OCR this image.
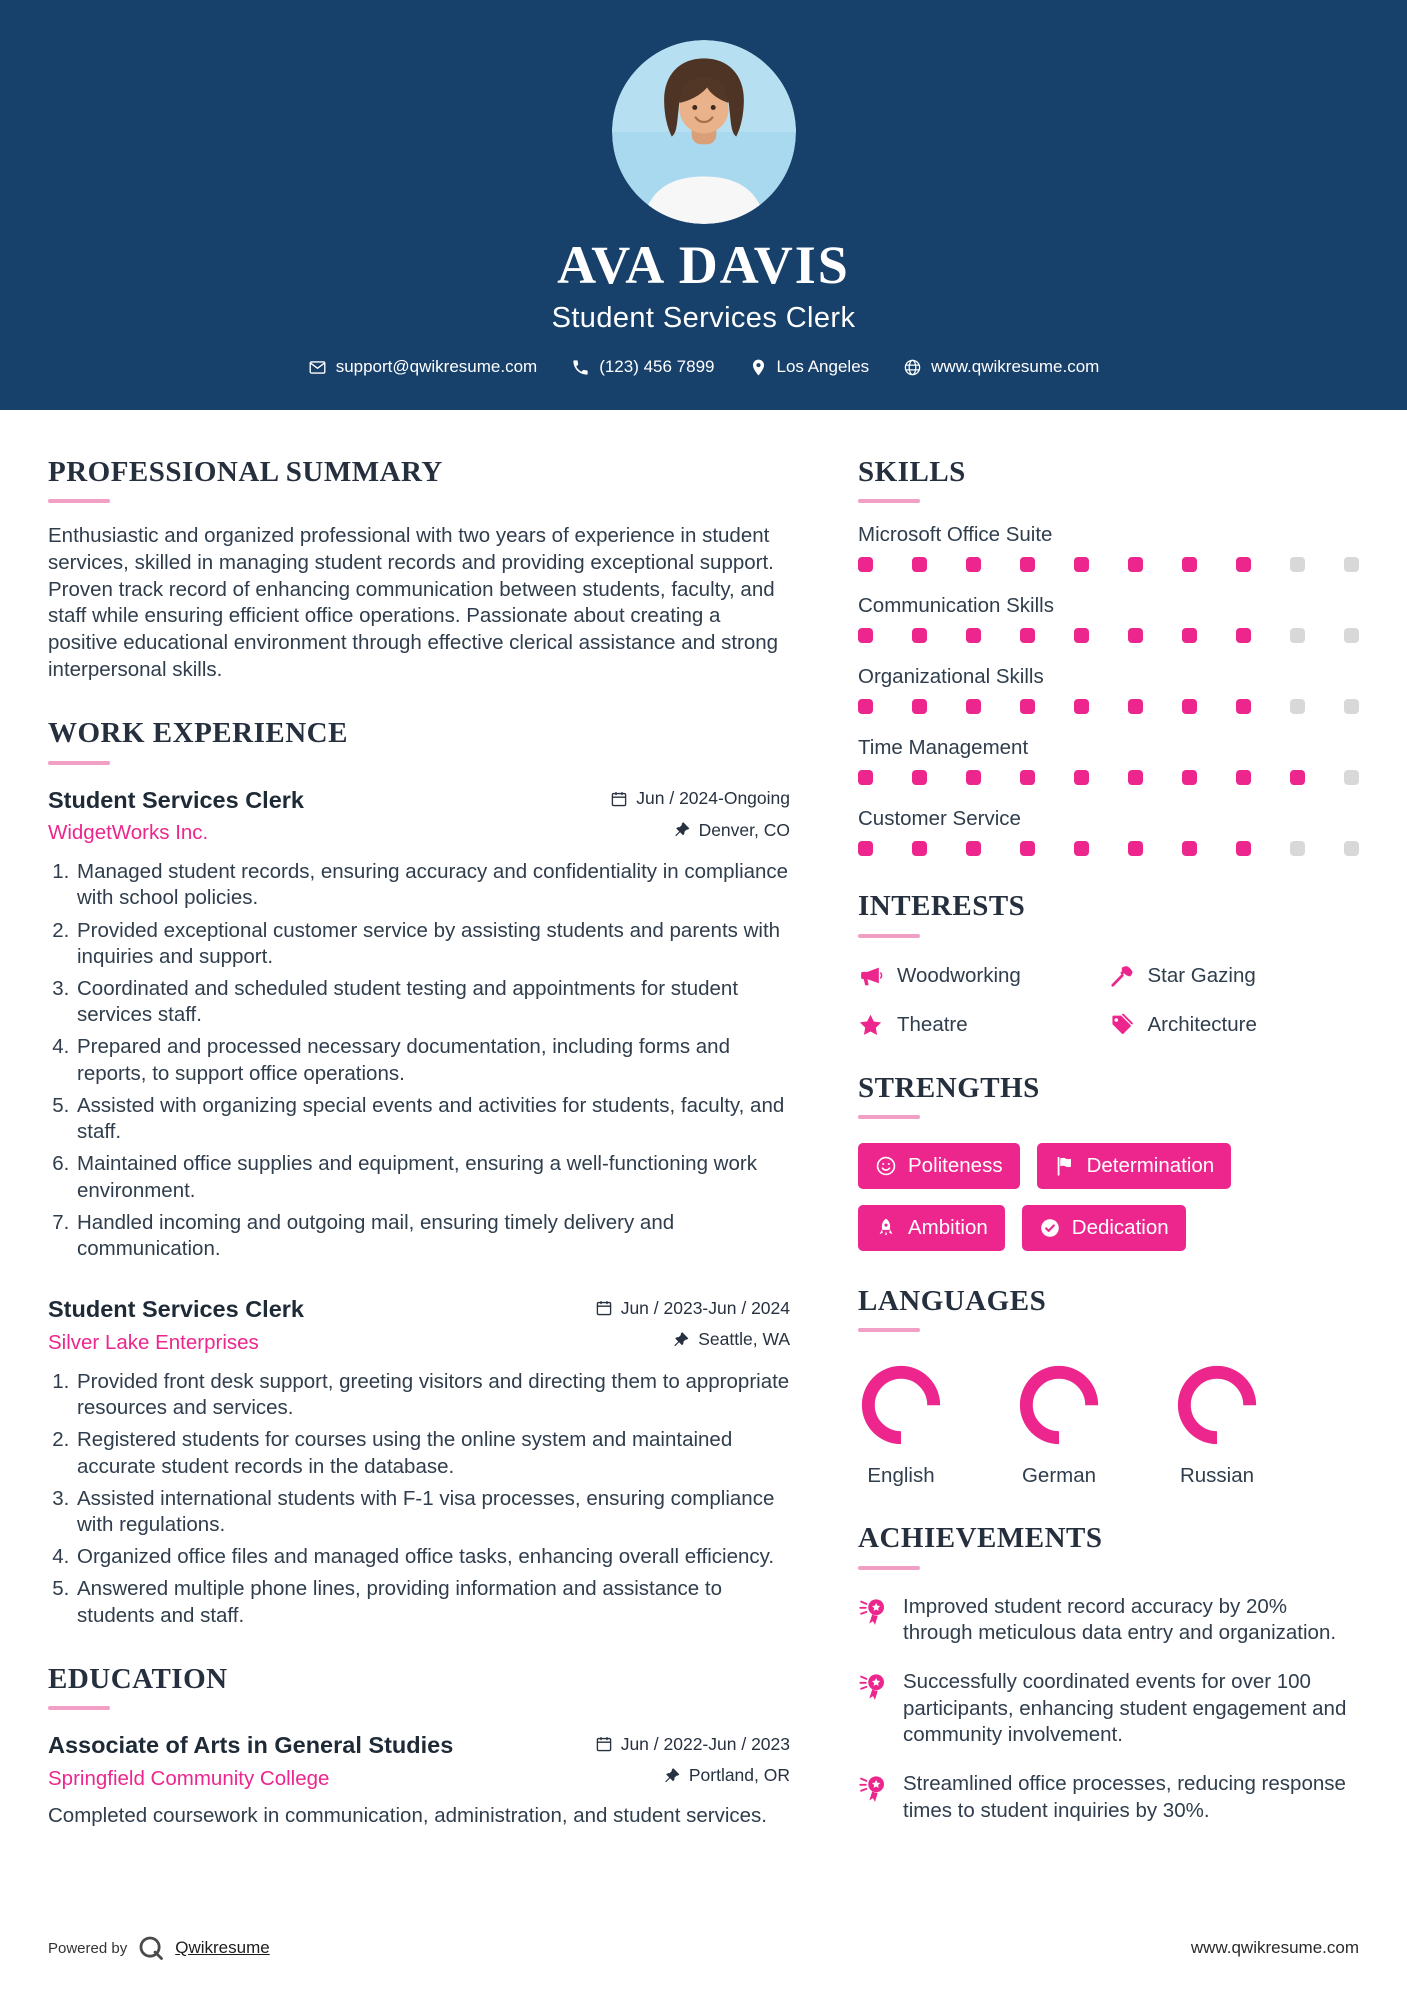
AVA DAVIS
Student Services Clerk
support@qwikresume.com	(123) 456 7899	Los Angeles	www.qwikresume.com
PROFESSIONAL SUMMARY

Enthusiastic and organized professional with two years of experience in student services, skilled in managing student records and providing exceptional support. Proven track record of enhancing communication between students, faculty, and staff while ensuring efficient office operations. Passionate about creating a positive educational environment through effective clerical assistance and strong interpersonal skills.

WORK EXPERIENCE
Student Services Clerk	Jun / 2024-Ongoing
WidgetWorks Inc.	Denver, CO
1. Managed student records, ensuring accuracy and confidentiality in compliance with school policies.
2. Provided exceptional customer service by assisting students and parents with inquiries and support.
3. Coordinated and scheduled student testing and appointments for student services staff.
4. Prepared and processed necessary documentation, including forms and reports, to support office operations.
5. Assisted with organizing special events and activities for students, faculty, and staff.
6. Maintained office supplies and equipment, ensuring a well-functioning work environment.
7. Handled incoming and outgoing mail, ensuring timely delivery and communication.
Student Services Clerk	Jun / 2023-Jun / 2024
Silver Lake Enterprises	Seattle, WA
1. Provided front desk support, greeting visitors and directing them to appropriate resources and services.
2. Registered students for courses using the online system and maintained accurate student records in the database.
3. Assisted international students with F-1 visa processes, ensuring compliance with regulations.
4. Organized office files and managed office tasks, enhancing overall efficiency.
5. Answered multiple phone lines, providing information and assistance to students and staff.
EDUCATION
Associate of Arts in General Studies	Jun / 2022-Jun / 2023
Springfield Community College	Portland, OR

Completed coursework in communication, administration, and student services.

SKILLS
Microsoft Office Suite
Communication Skills
Organizational Skills
Time Management
Customer Service
INTERESTS
Woodworking	Star Gazing
Theatre	Architecture
STRENGTHS
Politeness	Determination
Ambition	Dedication
LANGUAGES
English	German	Russian
ACHIEVEMENTS
Improved student record accuracy by 20% through meticulous data entry and organization.
Successfully coordinated events for over 100 participants, enhancing student engagement and community involvement.
Streamlined office processes, reducing response times to student inquiries by 30%.
Powered by	Qwikresume	www.qwikresume.com
